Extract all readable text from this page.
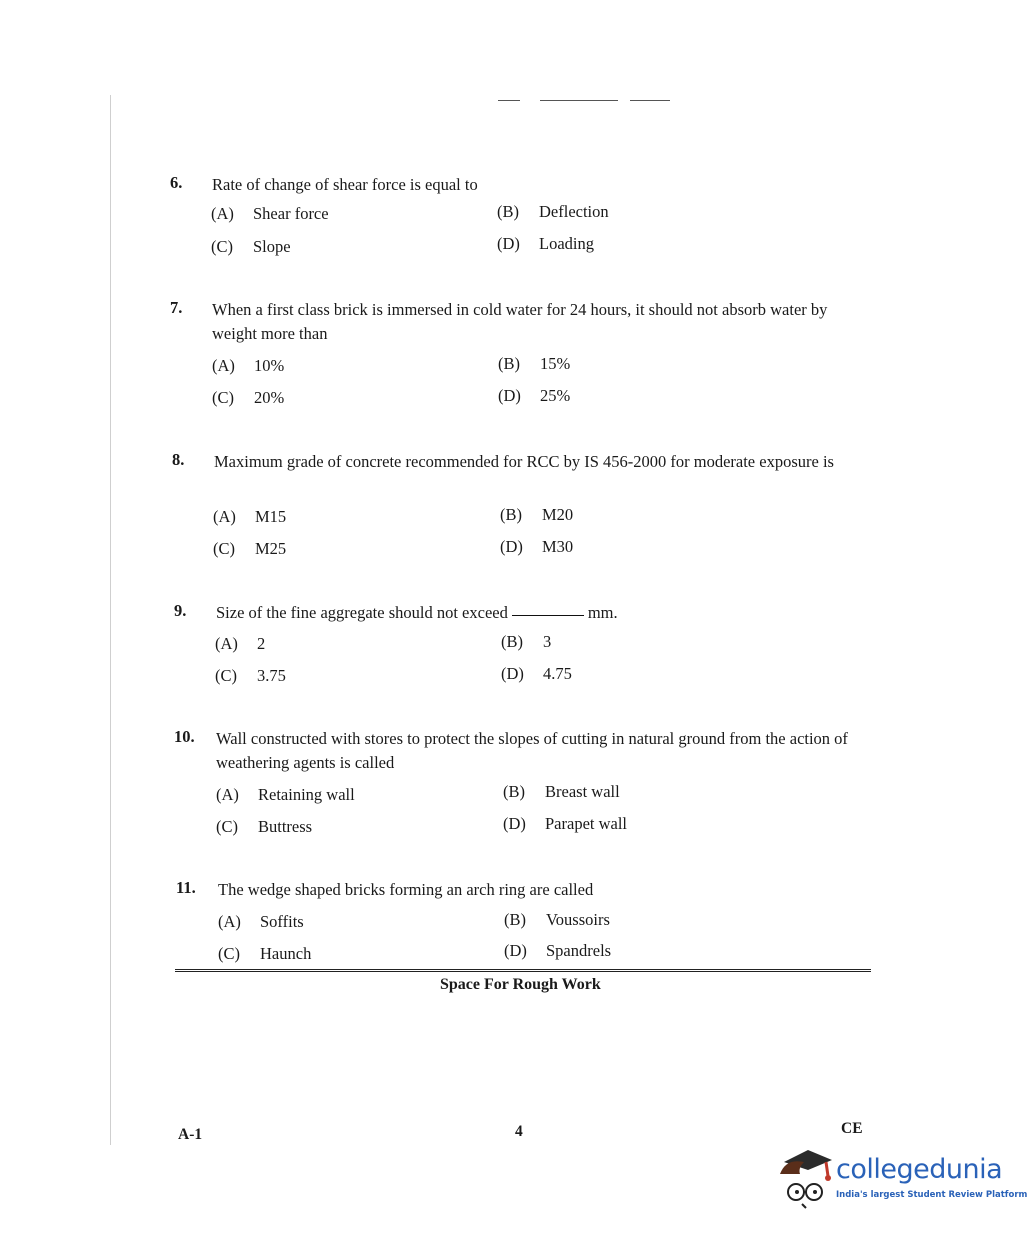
6. Rate of change of shear force is equal to
(A) Shear force	(B) Deflection
(C) Slope	(D) Loading
7. When a first class brick is immersed in cold water for 24 hours, it should not absorb water by weight more than
(A) 10%	(B) 15%
(C) 20%	(D) 25%
8. Maximum grade of concrete recommended for RCC by IS 456-2000 for moderate exposure is
(A) M15	(B) M20
(C) M25	(D) M30
9. Size of the fine aggregate should not exceed	mm.
(A) 2	(B) 3
(C) 3.75	(D) 4.75
10. Wall constructed with stores to protect the slopes of cutting in natural ground from the action of weathering agents is called
(A) Retaining wall	(B) Breast wall
(C) Buttress	(D) Parapet wall
11. The wedge shaped bricks forming an arch ring are called
(A) Soffits	(B) Voussoirs
(C) Haunch	(D) Spandrels
Space For Rough Work
A-1	4	CE
collegedunia
India's largest Student Review Platform
